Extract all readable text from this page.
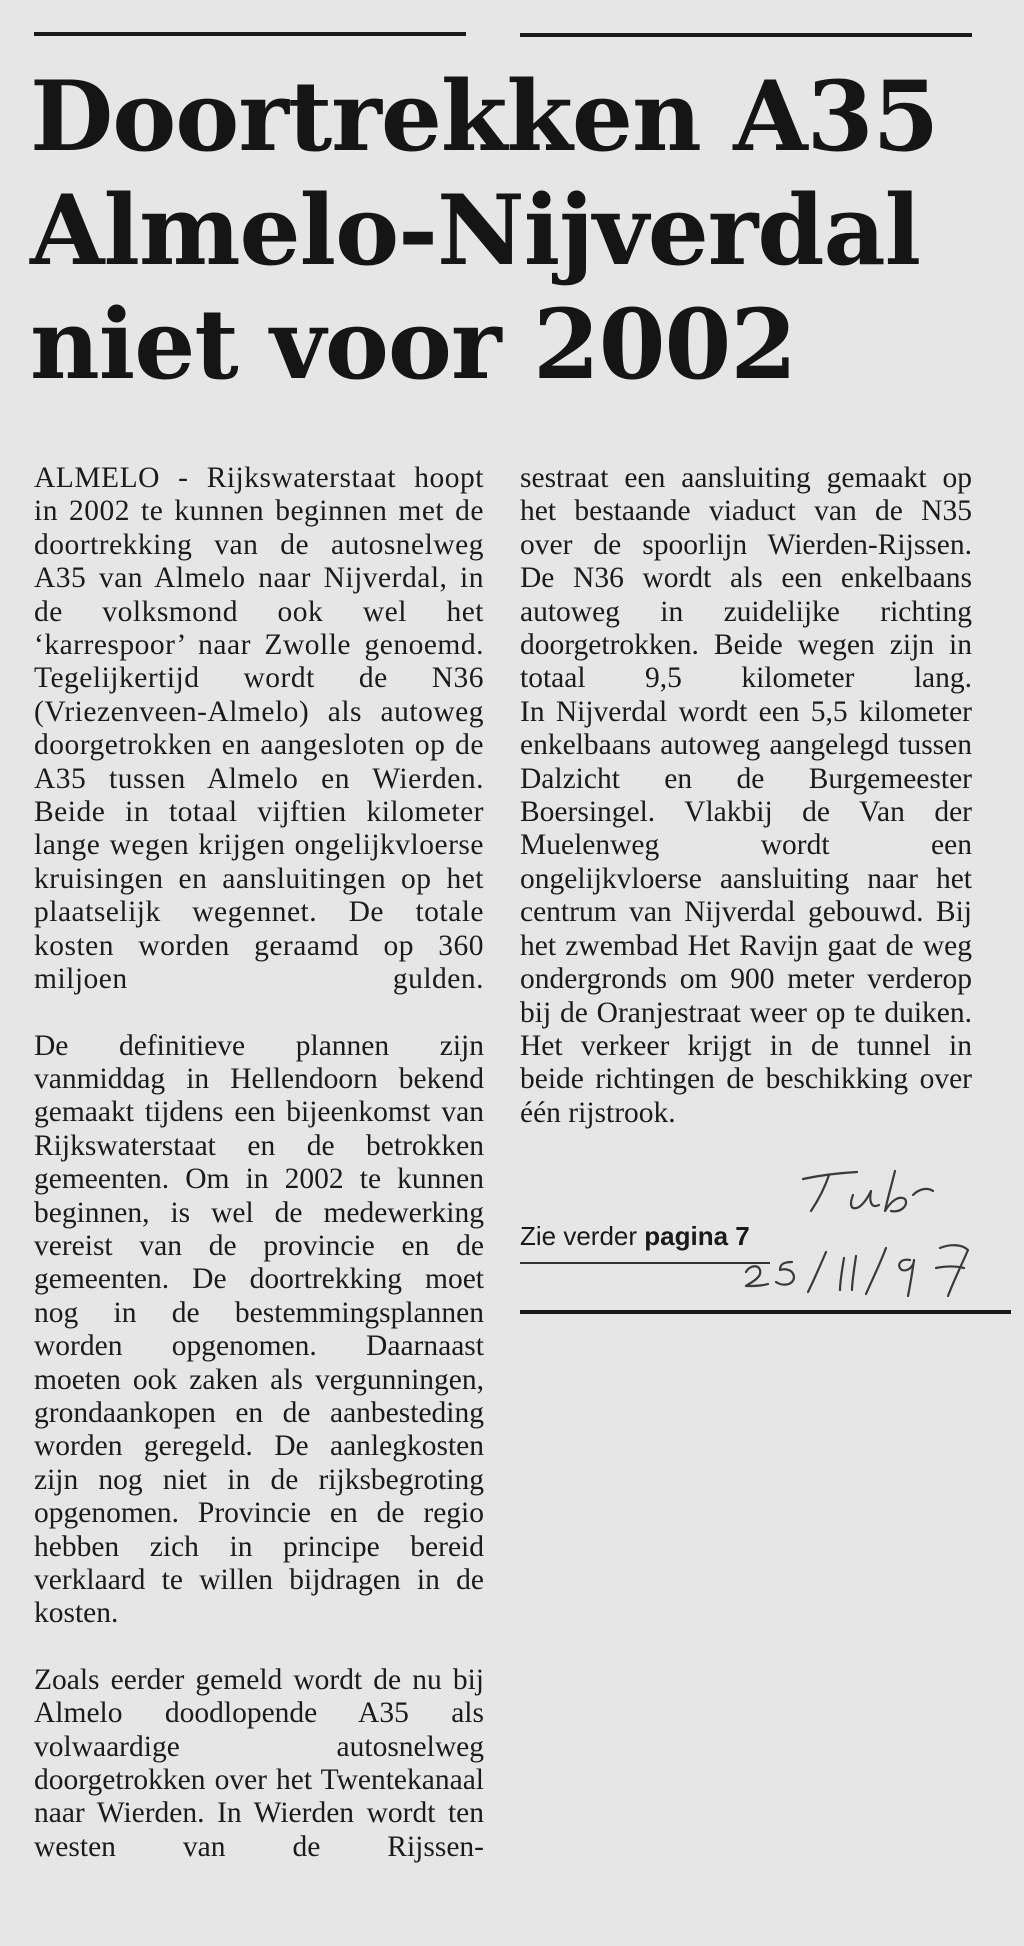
Doortrekken A35
Almelo-Nijverdal
niet voor 2002

ALMELO - Rijkswaterstaat hoopt in 2002 te kunnen beginnen met de doortrekking van de autosnelweg A35 van Almelo naar Nijverdal, in de volksmond ook wel het ‘karrespoor’ naar Zwolle genoemd. Tegelijkertijd wordt de N36 (Vriezenveen-Almelo) als autoweg doorgetrokken en aangesloten op de A35 tussen Almelo en Wierden. Beide in totaal vijftien kilometer lange wegen krijgen ongelijkvloerse kruisingen en aansluitingen op het plaatselijk wegennet. De totale kosten worden geraamd op 360 miljoen gulden.

De definitieve plannen zijn vanmiddag in Hellendoorn bekend gemaakt tijdens een bijeenkomst van Rijkswaterstaat en de betrokken gemeenten. Om in 2002 te kunnen beginnen, is wel de medewerking vereist van de provincie en de gemeenten. De doortrekking moet nog in de bestemmingsplannen worden opgenomen. Daarnaast moeten ook zaken als vergunningen, grondaankopen en de aanbesteding worden geregeld. De aanlegkosten zijn nog niet in de rijksbegroting opgenomen. Provincie en de regio hebben zich in principe bereid verklaard te willen bijdragen in de kosten.

Zoals eerder gemeld wordt de nu bij Almelo doodlopende A35 als volwaardige autosnelweg doorgetrokken over het Twentekanaal naar Wierden. In Wierden wordt ten westen van de Rijssen-

sestraat een aansluiting gemaakt op het bestaande viaduct van de N35 over de spoorlijn Wierden-Rijssen. De N36 wordt als een enkelbaans autoweg in zuidelijke richting doorgetrokken. Beide wegen zijn in totaal 9,5 kilometer lang.

In Nijverdal wordt een 5,5 kilometer enkelbaans autoweg aangelegd tussen Dalzicht en de Burgemeester Boersingel. Vlakbij de Van der Muelenweg wordt een ongelijkvloerse aansluiting naar het centrum van Nijverdal gebouwd. Bij het zwembad Het Ravijn gaat de weg ondergronds om 900 meter verderop bij de Oranjestraat weer op te duiken. Het verkeer krijgt in de tunnel in beide richtingen de beschikking over één rijstrook.

Zie verder pagina 7
